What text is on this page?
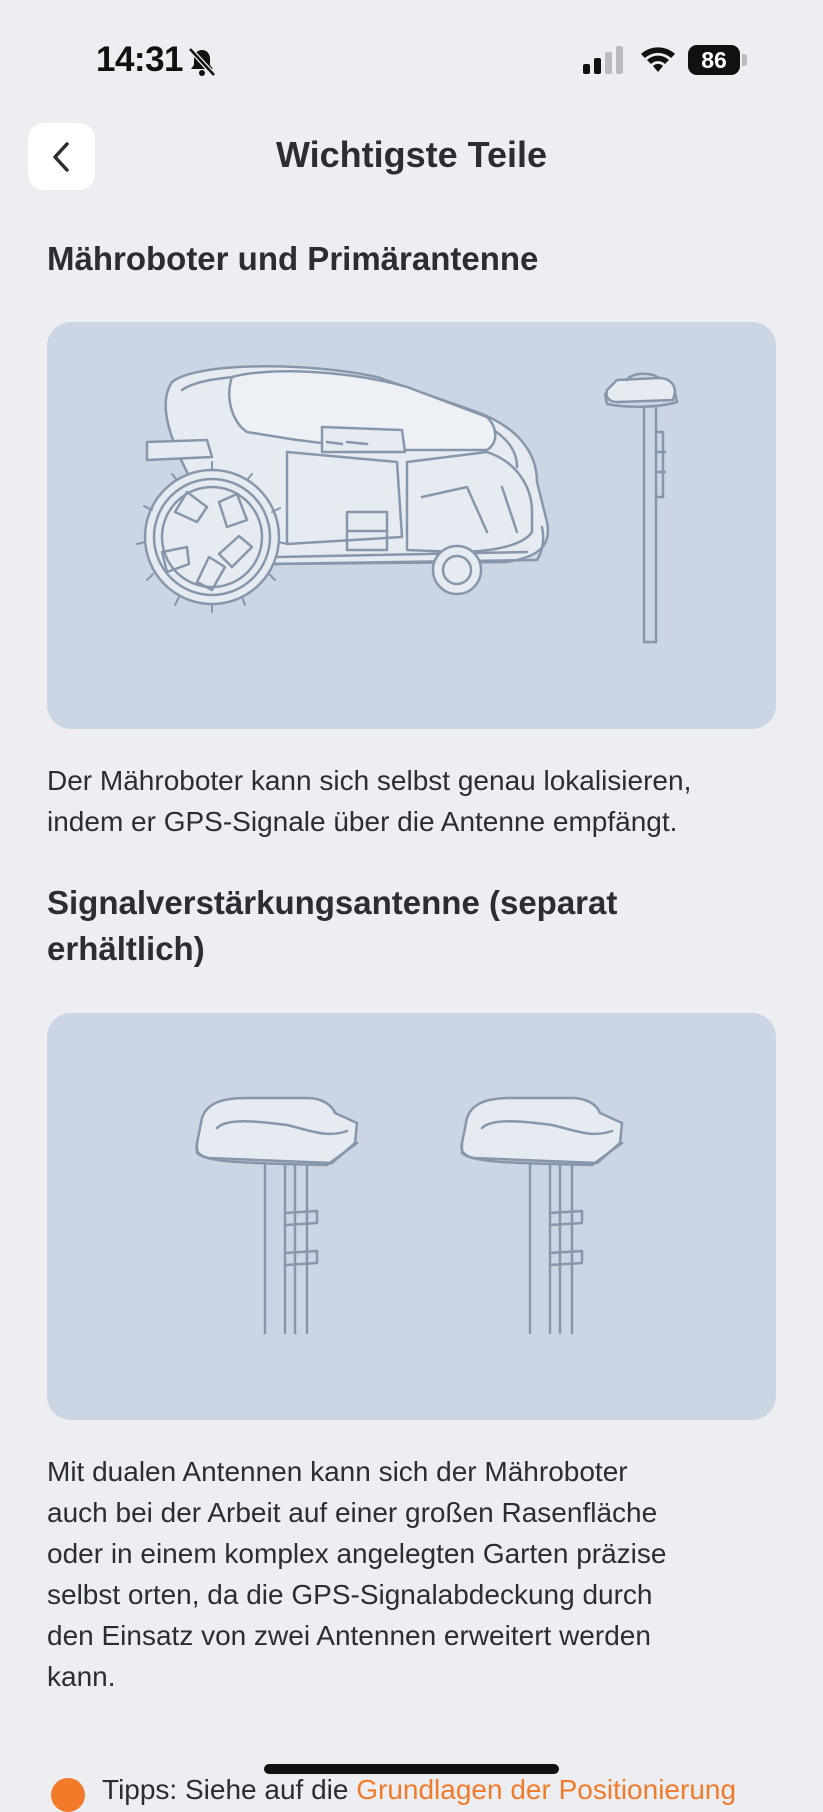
14:31	86
Wichtigste Teile
Mähroboter und Primärantenne
Der Mähroboter kann sich selbst genau lokalisieren,
indem er GPS-Signale über die Antenne empfängt.
Signalverstärkungsantenne (separat
erhältlich)
Mit dualen Antennen kann sich der Mähroboter
auch bei der Arbeit auf einer großen Rasenfläche
oder in einem komplex angelegten Garten präzise
selbst orten, da die GPS-Signalabdeckung durch
den Einsatz von zwei Antennen erweitert werden
kann.
Tipps: Siehe auf die Grundlagen der Positionierung
